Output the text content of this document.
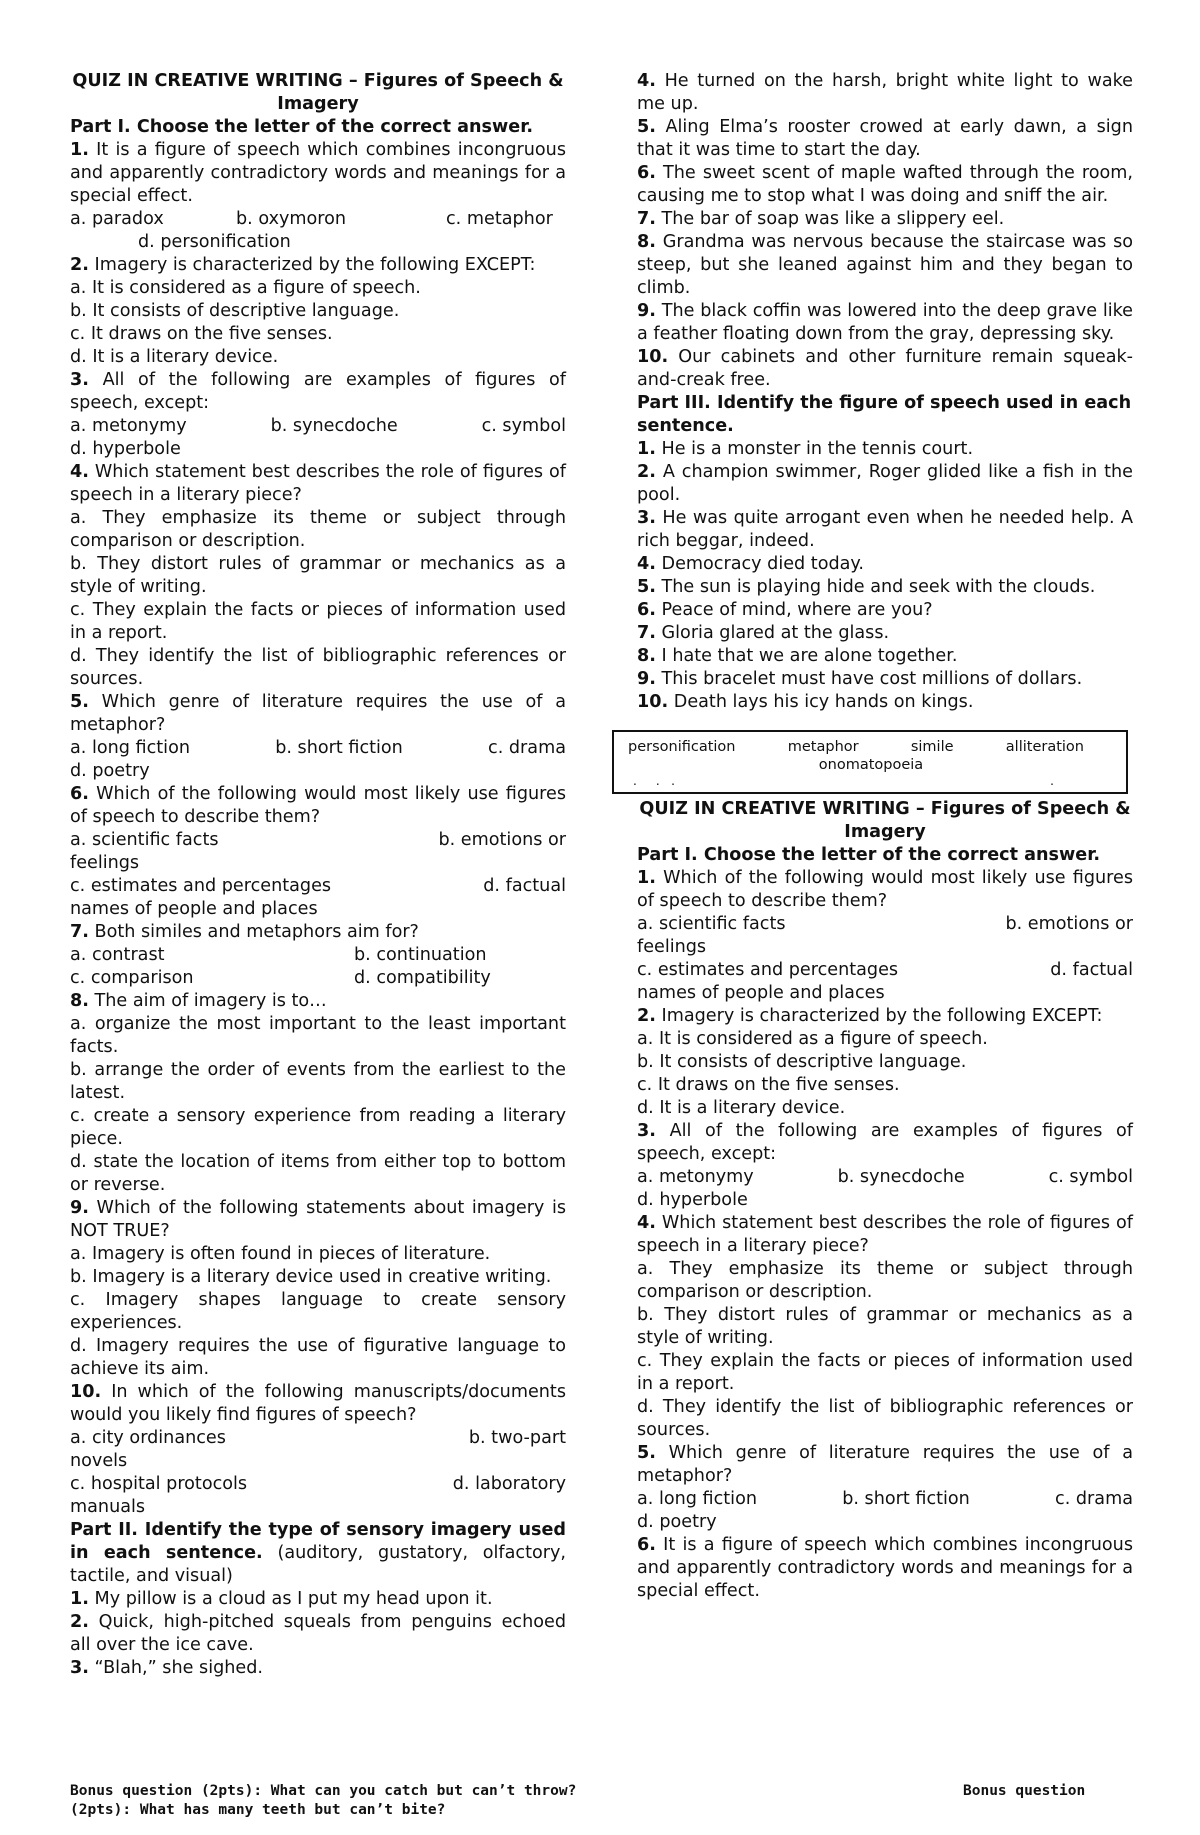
QUIZ IN CREATIVE WRITING – Figures of Speech & Imagery

Part I. Choose the letter of the correct answer.

1. It is a figure of speech which combines incongruous and apparently contradictory words and meanings for a special effect.

a. paradox	b. oxymoron	c. metaphor

d. personification

2. Imagery is characterized by the following EXCEPT:

a. It is considered as a figure of speech.

b. It consists of descriptive language.

c. It draws on the five senses.

d. It is a literary device.

3. All of the following are examples of figures of speech, except:

a. metonymy	b. synecdoche	c. symbol

d. hyperbole

4. Which statement best describes the role of figures of speech in a literary piece?

a. They emphasize its theme or subject through comparison or description.

b. They distort rules of grammar or mechanics as a style of writing.

c. They explain the facts or pieces of information used in a report.

d. They identify the list of bibliographic references or sources.

5. Which genre of literature requires the use of a metaphor?

a. long fiction	b. short fiction	c. drama

d. poetry

6. Which of the following would most likely use figures of speech to describe them?

a. scientific facts	b. emotions or

feelings

c. estimates and percentages	d. factual

names of people and places

7. Both similes and metaphors aim for?

a. contrast	b. continuation
c. comparison	d. compatibility

8. The aim of imagery is to…

a. organize the most important to the least important facts.

b. arrange the order of events from the earliest to the latest.

c. create a sensory experience from reading a literary piece.

d. state the location of items from either top to bottom or reverse.

9. Which of the following statements about imagery is NOT TRUE?

a. Imagery is often found in pieces of literature.

b. Imagery is a literary device used in creative writing.

c. Imagery shapes language to create sensory experiences.

d. Imagery requires the use of figurative language to achieve its aim.

10. In which of the following manuscripts/documents would you likely find figures of speech?

a. city ordinances	b. two-part

novels

c. hospital protocols	d. laboratory

manuals

Part II. Identify the type of sensory imagery used in each sentence. (auditory, gustatory, olfactory, tactile, and visual)

1. My pillow is a cloud as I put my head upon it.

2. Quick, high-pitched squeals from penguins echoed all over the ice cave.

3. “Blah,” she sighed.

4. He turned on the harsh, bright white light to wake me up.

5. Aling Elma’s rooster crowed at early dawn, a sign that it was time to start the day.

6. The sweet scent of maple wafted through the room, causing me to stop what I was doing and sniff the air.

7. The bar of soap was like a slippery eel.

8. Grandma was nervous because the staircase was so steep, but she leaned against him and they began to climb.

9. The black coffin was lowered into the deep grave like a feather floating down from the gray, depressing sky.

10. Our cabinets and other furniture remain squeak-and-creak free.

Part III. Identify the figure of speech used in each sentence.

1. He is a monster in the tennis court.

2. A champion swimmer, Roger glided like a fish in the pool.

3. He was quite arrogant even when he needed help. A rich beggar, indeed.

4. Democracy died today.

5. The sun is playing hide and seek with the clouds.

6. Peace of mind, where are you?

7. Gloria glared at the glass.

8. I hate that we are alone together.

9. This bracelet must have cost millions of dollars.

10. Death lays his icy hands on kings.

personification	metaphor	simile	alliteration
onomatopoeia
.     .   .	.

QUIZ IN CREATIVE WRITING – Figures of Speech & Imagery

Part I. Choose the letter of the correct answer.

1. Which of the following would most likely use figures of speech to describe them?

a. scientific facts	b. emotions or

feelings

c. estimates and percentages	d. factual

names of people and places

2. Imagery is characterized by the following EXCEPT:

a. It is considered as a figure of speech.

b. It consists of descriptive language.

c. It draws on the five senses.

d. It is a literary device.

3. All of the following are examples of figures of speech, except:

a. metonymy	b. synecdoche	c. symbol

d. hyperbole

4. Which statement best describes the role of figures of speech in a literary piece?

a. They emphasize its theme or subject through comparison or description.

b. They distort rules of grammar or mechanics as a style of writing.

c. They explain the facts or pieces of information used in a report.

d. They identify the list of bibliographic references or sources.

5. Which genre of literature requires the use of a metaphor?

a. long fiction	b. short fiction	c. drama

d. poetry

6. It is a figure of speech which combines incongruous and apparently contradictory words and meanings for a special effect.

Bonus question (2pts): What can you catch but can’t throw?	Bonus question
(2pts): What has many teeth but can’t bite?
